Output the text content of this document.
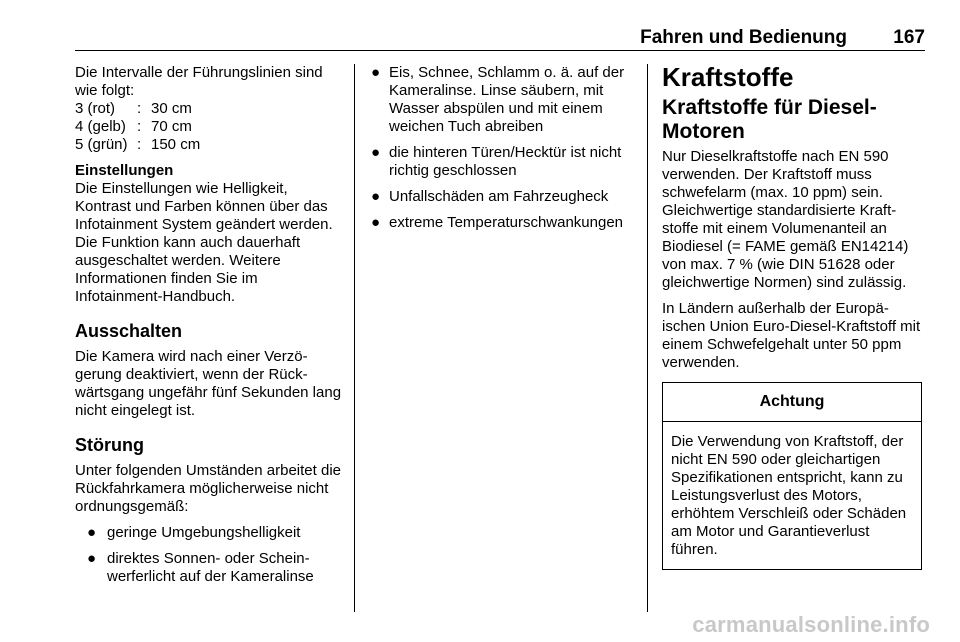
Fahren und Bedienung 167

Die Intervalle der Führungslinien sind wie folgt:

3 (rot)	:	30 cm
4 (gelb)	:	70 cm
5 (grün)	:	150 cm

Einstellungen

Die Einstellungen wie Helligkeit, Kontrast und Farben können über das Infotainment System geändert werden. Die Funktion kann auch dauerhaft ausgeschaltet werden. Weitere Informationen finden Sie im Infotainment-Handbuch.

Ausschalten

Die Kamera wird nach einer Verzögerung deaktiviert, wenn der Rückwärtsgang ungefähr fünf Sekunden lang nicht eingelegt ist.

Störung

Unter folgenden Umständen arbeitet die Rückfahrkamera möglicherweise nicht ordnungsgemäß:

● geringe Umgebungshelligkeit
● direktes Sonnen- oder Scheinwerferlicht auf der Kameralinse
● Eis, Schnee, Schlamm o. ä. auf der Kameralinse. Linse säubern, mit Wasser abspülen und mit einem weichen Tuch abreiben
● die hinteren Türen/Hecktür ist nicht richtig geschlossen
● Unfallschäden am Fahrzeugheck
● extreme Temperaturschwankungen
Kraftstoffe
Kraftstoffe für Diesel-Motoren

Nur Dieselkraftstoffe nach EN 590 verwenden. Der Kraftstoff muss schwefelarm (max. 10 ppm) sein. Gleichwertige standardisierte Kraftstoffe mit einem Volumenanteil an Biodiesel (= FAME gemäß EN14214) von max. 7 % (wie DIN 51628 oder gleichwertige Normen) sind zulässig.

In Ländern außerhalb der Europäischen Union Euro-Diesel-Kraftstoff mit einem Schwefelgehalt unter 50 ppm verwenden.

Achtung
Die Verwendung von Kraftstoff, der nicht EN 590 oder gleichartigen Spezifikationen entspricht, kann zu Leistungsverlust des Motors, erhöhtem Verschleiß oder Schäden am Motor und Garantieverlust führen.
carmanualsonline.info
